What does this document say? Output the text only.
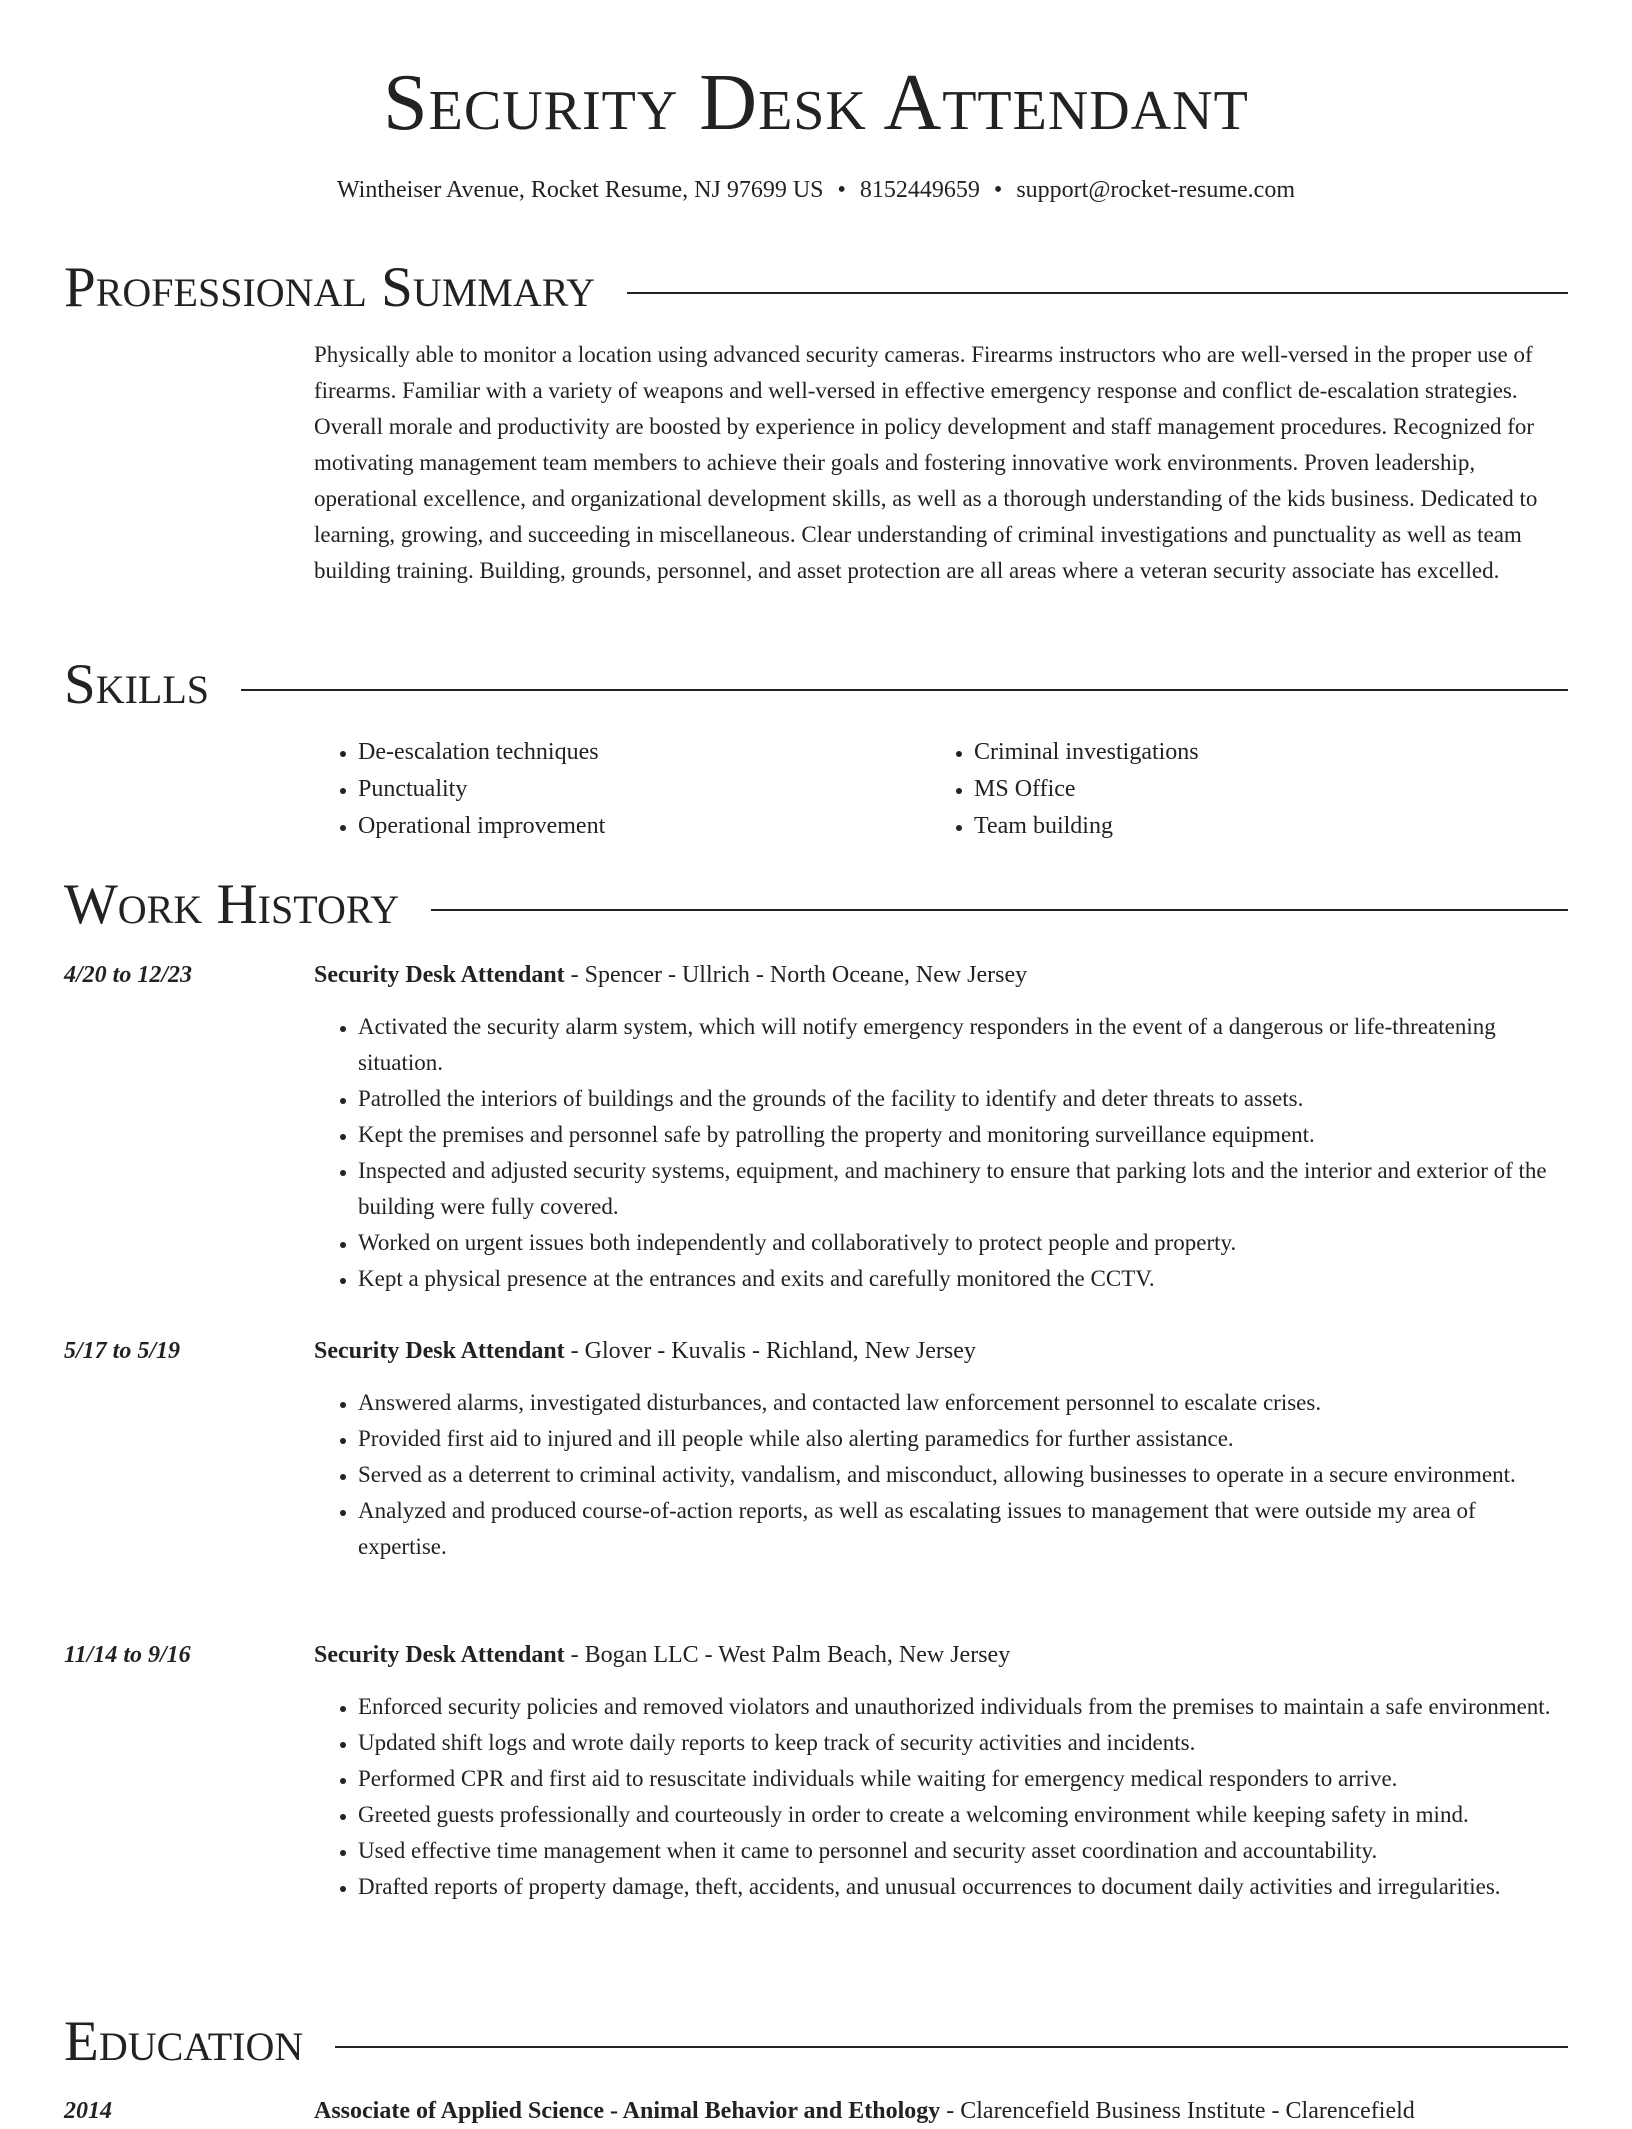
Security Desk Attendant
Wintheiser Avenue, Rocket Resume, NJ 97699 US • 8152449659 • support@rocket-resume.com
Professional Summary
Physically able to monitor a location using advanced security cameras. Firearms instructors who are well-versed in the proper use of firearms. Familiar with a variety of weapons and well-versed in effective emergency response and conflict de-escalation strategies. Overall morale and productivity are boosted by experience in policy development and staff management procedures. Recognized for motivating management team members to achieve their goals and fostering innovative work environments. Proven leadership, operational excellence, and organizational development skills, as well as a thorough understanding of the kids business. Dedicated to learning, growing, and succeeding in miscellaneous. Clear understanding of criminal investigations and punctuality as well as team building training. Building, grounds, personnel, and asset protection are all areas where a veteran security associate has excelled.
Skills
• De-escalation techniques
• Punctuality
• Operational improvement
• Criminal investigations
• MS Office
• Team building
Work History
4/20 to 12/23	Security Desk Attendant - Spencer - Ullrich - North Oceane, New Jersey
• Activated the security alarm system, which will notify emergency responders in the event of a dangerous or life-threatening situation.
• Patrolled the interiors of buildings and the grounds of the facility to identify and deter threats to assets.
• Kept the premises and personnel safe by patrolling the property and monitoring surveillance equipment.
• Inspected and adjusted security systems, equipment, and machinery to ensure that parking lots and the interior and exterior of the building were fully covered.
• Worked on urgent issues both independently and collaboratively to protect people and property.
• Kept a physical presence at the entrances and exits and carefully monitored the CCTV.
5/17 to 5/19	Security Desk Attendant - Glover - Kuvalis - Richland, New Jersey
• Answered alarms, investigated disturbances, and contacted law enforcement personnel to escalate crises.
• Provided first aid to injured and ill people while also alerting paramedics for further assistance.
• Served as a deterrent to criminal activity, vandalism, and misconduct, allowing businesses to operate in a secure environment.
• Analyzed and produced course-of-action reports, as well as escalating issues to management that were outside my area of expertise.
11/14 to 9/16	Security Desk Attendant - Bogan LLC - West Palm Beach, New Jersey
• Enforced security policies and removed violators and unauthorized individuals from the premises to maintain a safe environment.
• Updated shift logs and wrote daily reports to keep track of security activities and incidents.
• Performed CPR and first aid to resuscitate individuals while waiting for emergency medical responders to arrive.
• Greeted guests professionally and courteously in order to create a welcoming environment while keeping safety in mind.
• Used effective time management when it came to personnel and security asset coordination and accountability.
• Drafted reports of property damage, theft, accidents, and unusual occurrences to document daily activities and irregularities.
Education
2014	Associate of Applied Science - Animal Behavior and Ethology - Clarencefield Business Institute - Clarencefield
